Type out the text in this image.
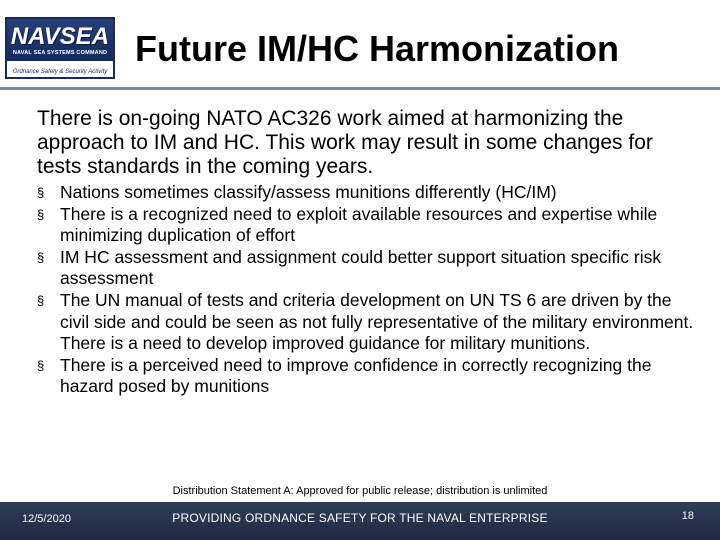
NAVSEA
NAVAL SEA SYSTEMS COMMAND
Ordnance Safety & Security Activity
Future IM/HC Harmonization
There is on-going NATO AC326 work aimed at harmonizing the approach to IM and HC. This work may result in some changes for tests standards in the coming years.
§ Nations sometimes classify/assess munitions differently (HC/IM)
§ There is a recognized need to exploit available resources and expertise while minimizing duplication of effort
§ IM HC assessment and assignment could better support situation specific risk assessment
§ The UN manual of tests and criteria development on UN TS 6 are driven by the civil side and could be seen as not fully representative of the military environment. There is a need to develop improved guidance for military munitions.
§ There is a perceived need to improve confidence in correctly recognizing the hazard posed by munitions
Distribution Statement A: Approved for public release; distribution is unlimited
12/5/2020	PROVIDING ORDNANCE SAFETY FOR THE NAVAL ENTERPRISE	18
